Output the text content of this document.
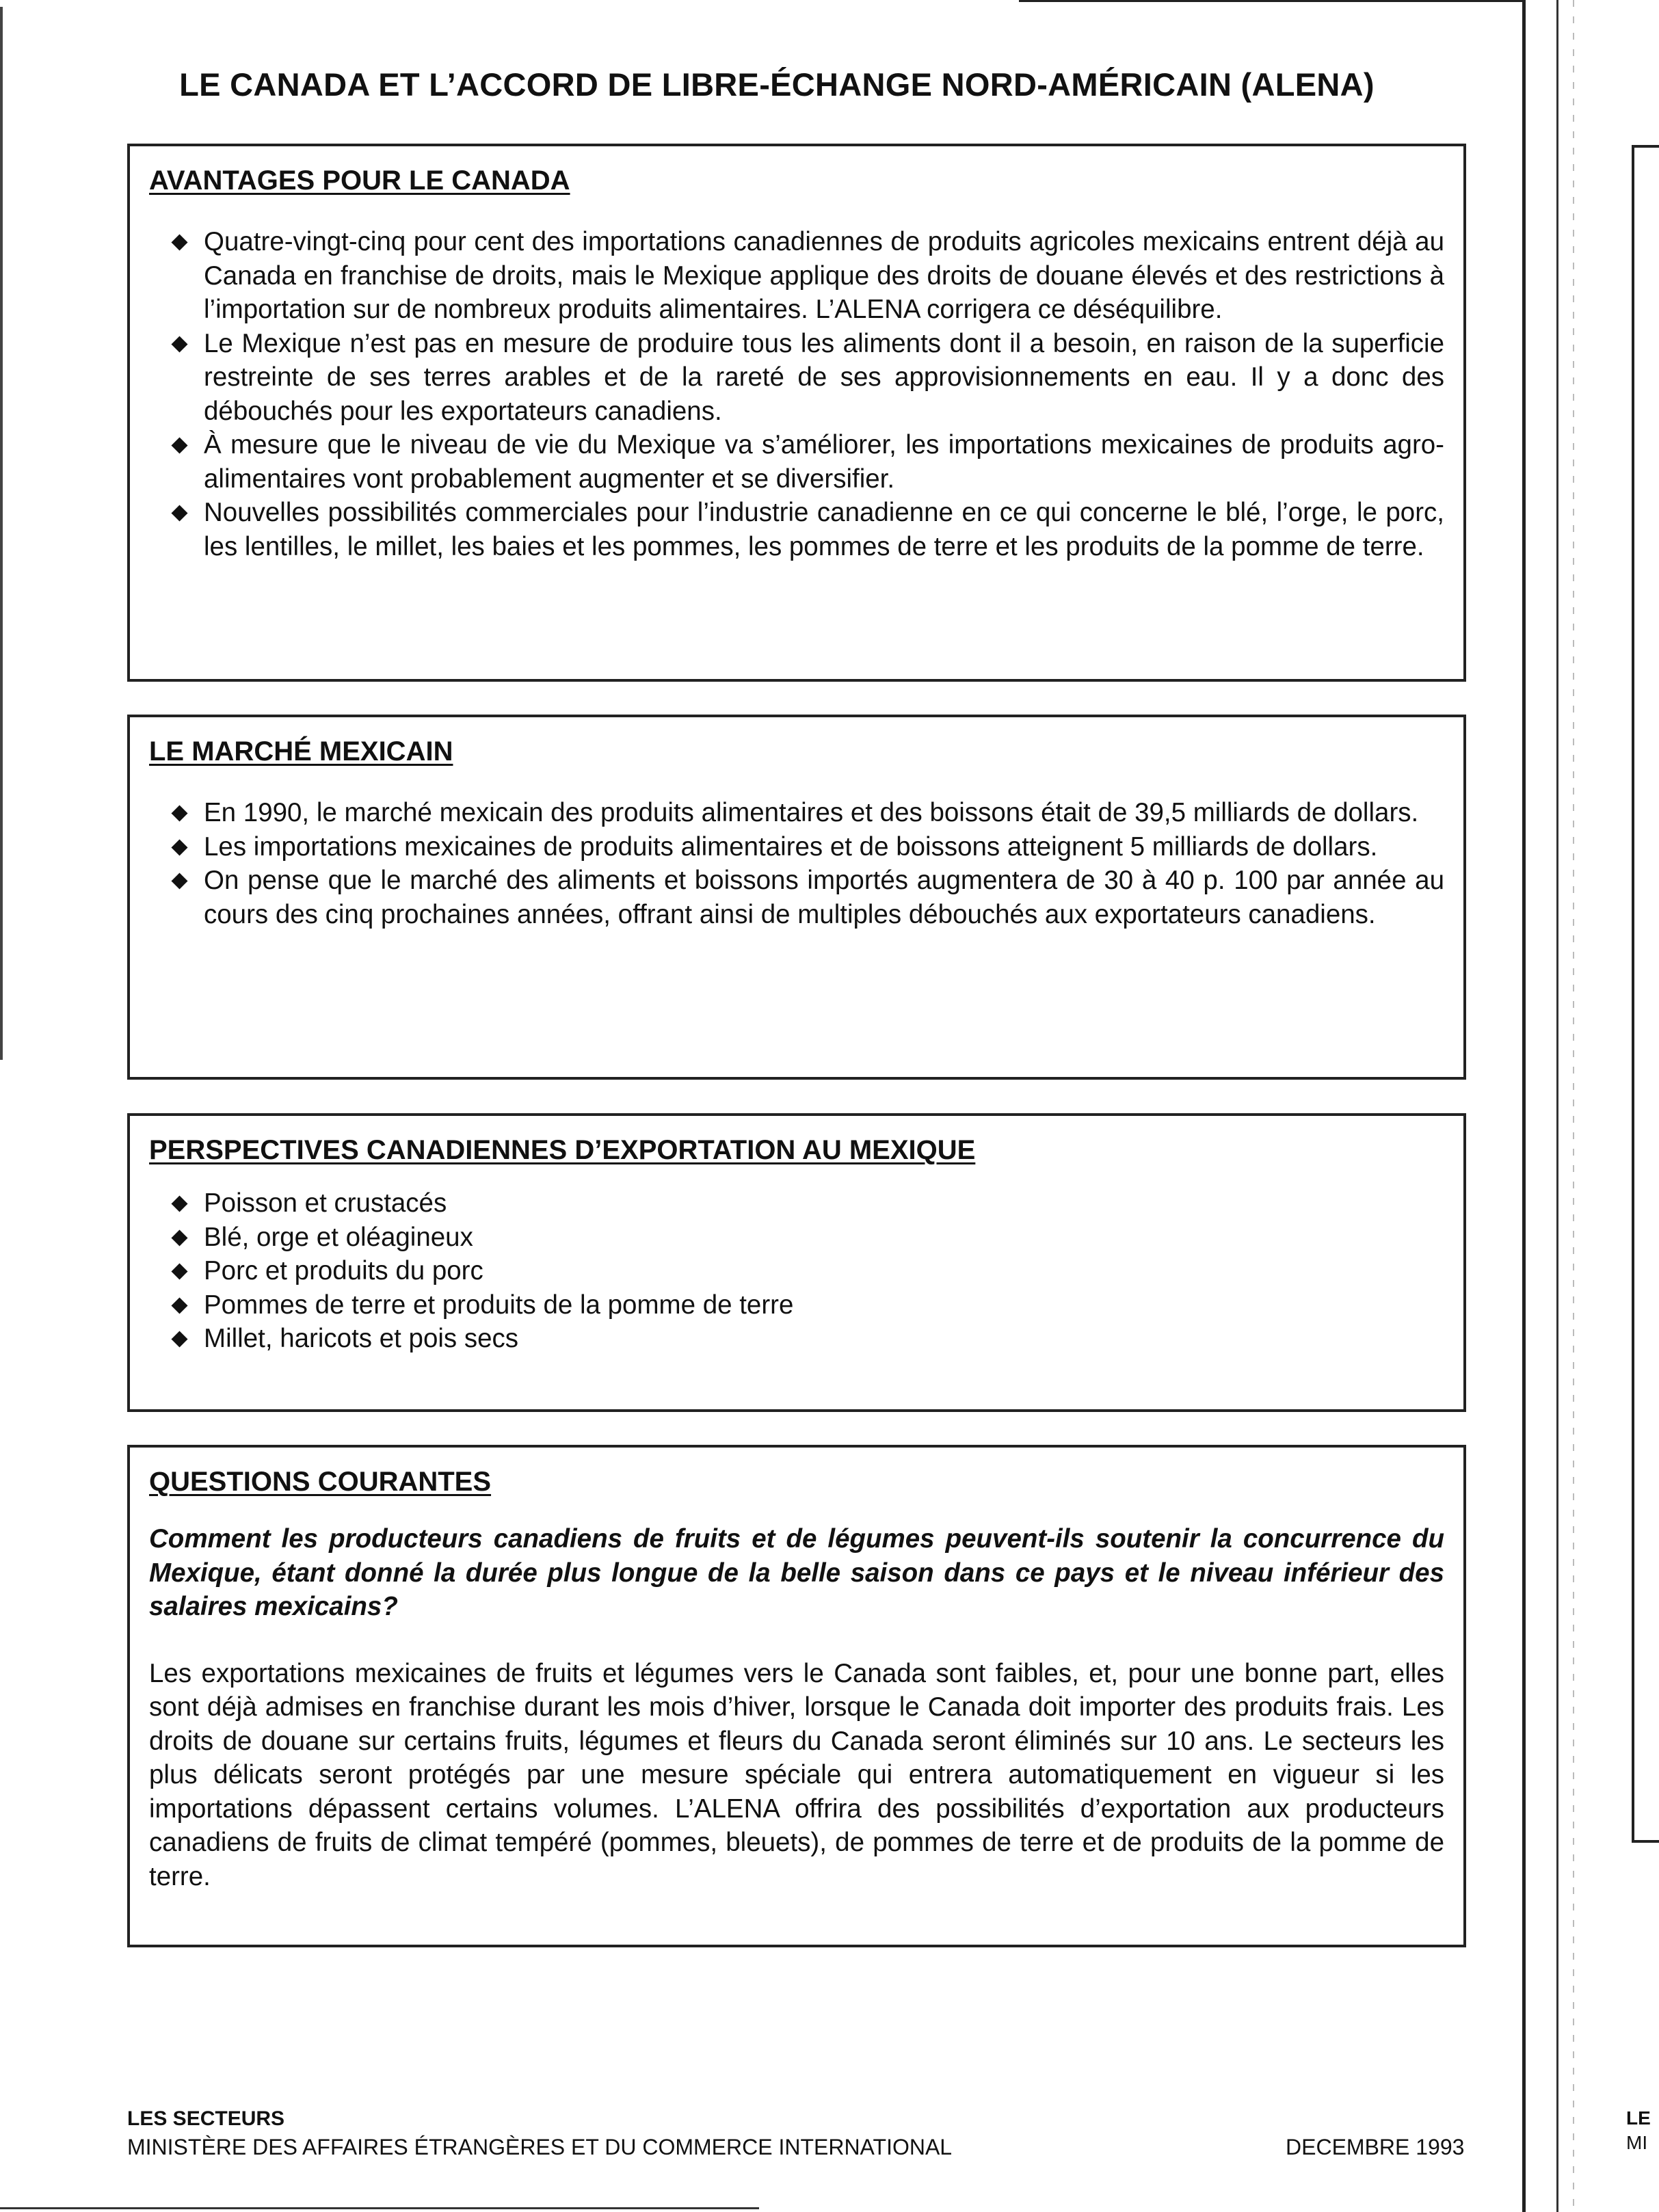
LE
MI
LE CANADA ET L’ACCORD DE LIBRE-ÉCHANGE NORD-AMÉRICAIN (ALENA)
AVANTAGES POUR LE CANADA
Quatre-vingt-cinq pour cent des importations canadiennes de produits agricoles mexicains entrent déjà au Canada en franchise de droits, mais le Mexique applique des droits de douane élevés et des restrictions à l’importation sur de nombreux produits alimentaires. L’ALENA corrigera ce déséquilibre.
Le Mexique n’est pas en mesure de produire tous les aliments dont il a besoin, en raison de la superficie restreinte de ses terres arables et de la rareté de ses approvisionnements en eau. Il y a donc des débouchés pour les exportateurs canadiens.
À mesure que le niveau de vie du Mexique va s’améliorer, les importations mexicaines de produits agro-alimentaires vont probablement augmenter et se diversifier.
Nouvelles possibilités commerciales pour l’industrie canadienne en ce qui concerne le blé, l’orge, le porc, les lentilles, le millet, les baies et les pommes, les pommes de terre et les produits de la pomme de terre.
LE MARCHÉ MEXICAIN
En 1990, le marché mexicain des produits alimentaires et des boissons était de 39,5 milliards de dollars.
Les importations mexicaines de produits alimentaires et de boissons atteignent 5 milliards de dollars.
On pense que le marché des aliments et boissons importés augmentera de 30 à 40 p. 100 par année au cours des cinq prochaines années, offrant ainsi de multiples débouchés aux exportateurs canadiens.
PERSPECTIVES CANADIENNES D’EXPORTATION AU MEXIQUE
Poisson et crustacés
Blé, orge et oléagineux
Porc et produits du porc
Pommes de terre et produits de la pomme de terre
Millet, haricots et pois secs
QUESTIONS COURANTES

Comment les producteurs canadiens de fruits et de légumes peuvent-ils soutenir la concurrence du Mexique, étant donné la durée plus longue de la belle saison dans ce pays et le niveau inférieur des salaires mexicains?

Les exportations mexicaines de fruits et légumes vers le Canada sont faibles, et, pour une bonne part, elles sont déjà admises en franchise durant les mois d’hiver, lorsque le Canada doit importer des produits frais. Les droits de douane sur certains fruits, légumes et fleurs du Canada seront éliminés sur 10 ans. Le secteurs les plus délicats seront protégés par une mesure spéciale qui entrera automatiquement en vigueur si les importations dépassent certains volumes. L’ALENA offrira des possibilités d’exportation aux producteurs canadiens de fruits de climat tempéré (pommes, bleuets), de pommes de terre et de produits de la pomme de terre.

LES SECTEURS
MINISTÈRE DES AFFAIRES ÉTRANGÈRES ET DU COMMERCE INTERNATIONAL	DECEMBRE 1993
